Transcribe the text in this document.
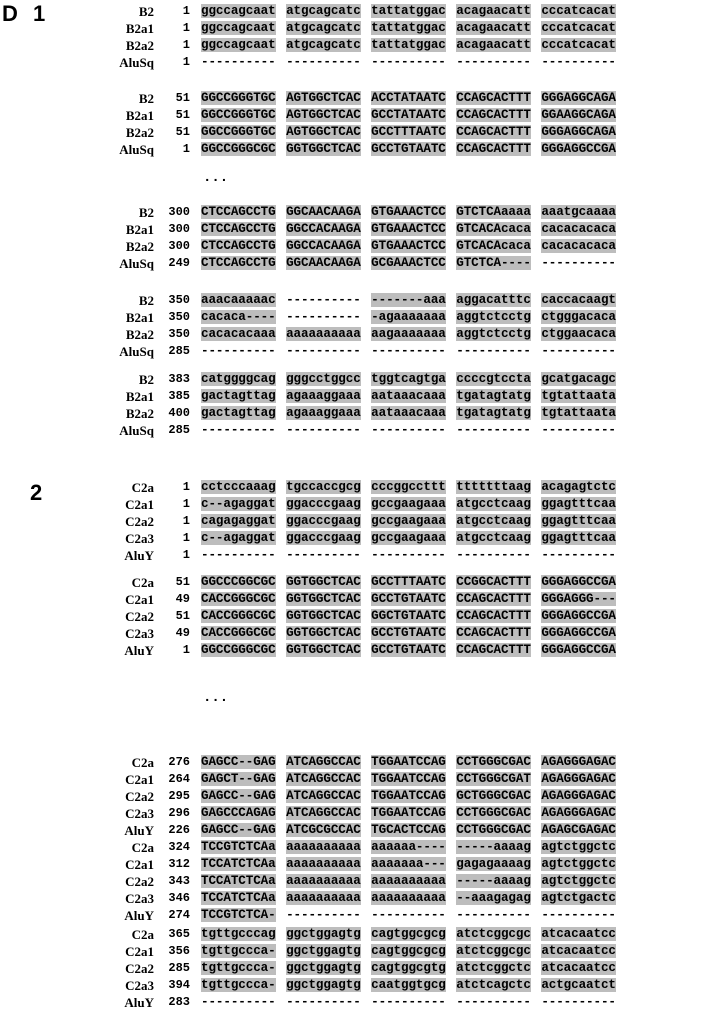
D 1
2
...
...
B2	1 ggccagcaat atgcagcatc tattatggac acagaacatt cccatcacat
B2a1	1 ggccagcaat atgcagcatc tattatggac acagaacatt cccatcacat
B2a2	1 ggccagcaat atgcagcatc tattatggac acagaacatt cccatcacat
AluSq	1 ---------- ---------- ---------- ---------- ----------
B2	51 GGCCGGGTGC AGTGGCTCAC ACCTATAATC CCAGCACTTT GGGAGGCAGA
B2a1	51 GGCCGGGTGC AGTGGCTCAC GCCTATAATC CCAGCACTTT GGAAGGCAGA
B2a2	51 GGCCGGGTGC AGTGGCTCAC GCCTTTAATC CCAGCACTTT GGGAGGCAGA
AluSq	1 GGCCGGGCGC GGTGGCTCAC GCCTGTAATC CCAGCACTTT GGGAGGCCGA
B2	300 CTCCAGCCTG GGCAACAAGA GTGAAACTCC GTCTCAaaaa aaatgcaaaa
B2a1	300 CTCCAGCCTG GGCCACAAGA GTGAAACTCC GTCACAcaca cacacacaca
B2a2	300 CTCCAGCCTG GGCCACAAGA GTGAAACTCC GTCACAcaca cacacacaca
AluSq	249 CTCCAGCCTG GGCAACAAGA GCGAAACTCC GTCTCA---- ----------
B2	350 aaacaaaaac ---------- -------aaa aggacatttc caccacaagt
B2a1	350 cacaca---- ---------- -agaaaaaaa aggtctcctg ctgggacaca
B2a2	350 cacacacaaa aaaaaaaaaa aagaaaaaaa aggtctcctg ctggaacaca
AluSq	285 ---------- ---------- ---------- ---------- ----------
B2	383 catggggcag gggcctggcc tggtcagtga ccccgtccta gcatgacagc
B2a1	385 gactagttag agaaaggaaa aataaacaaa tgatagtatg tgtattaata
B2a2	400 gactagttag agaaaggaaa aataaacaaa tgatagtatg tgtattaata
AluSq	285 ---------- ---------- ---------- ---------- ----------
C2a	1 cctcccaaag tgccaccgcg cccggccttt tttttttaag acagagtctc
C2a1	1 c--agaggat ggacccgaag gccgaagaaa atgcctcaag ggagtttcaa
C2a2	1 cagagaggat ggacccgaag gccgaagaaa atgcctcaag ggagtttcaa
C2a3	1 c--agaggat ggacccgaag gccgaagaaa atgcctcaag ggagtttcaa
AluY	1 ---------- ---------- ---------- ---------- ----------
C2a	51 GGCCCGGCGC GGTGGCTCAC GCCTTTAATC CCGGCACTTT GGGAGGCCGA
C2a1	49 CACCGGGCGC GGTGGCTCAC GCCTGTAATC CCAGCACTTT GGGAGGG---
C2a2	51 CACCGGGCGC GGTGGCTCAC GGCTGTAATC CCAGCACTTT GGGAGGCCGA
C2a3	49 CACCGGGCGC GGTGGCTCAC GCCTGTAATC CCAGCACTTT GGGAGGCCGA
AluY	1 GGCCGGGCGC GGTGGCTCAC GCCTGTAATC CCAGCACTTT GGGAGGCCGA
C2a	276 GAGCC--GAG ATCAGGCCAC TGGAATCCAG CCTGGGCGAC AGAGGGAGAC
C2a1	264 GAGCT--GAG ATCAGGCCAC TGGAATCCAG CCTGGGCGAT AGAGGGAGAC
C2a2	295 GAGCC--GAG ATCAGGCCAC TGGAATCCAG GCTGGGCGAC AGAGGGAGAC
C2a3	296 GAGCCCAGAG ATCAGGCCAC TGGAATCCAG CCTGGGCGAC AGAGGGAGAC
AluY	226 GAGCC--GAG ATCGCGCCAC TGCACTCCAG CCTGGGCGAC AGAGCGAGAC
C2a	324 TCCGTCTCAa aaaaaaaaaa aaaaaa---- -----aaaag agtctggctc
C2a1	312 TCCATCTCAa aaaaaaaaaa aaaaaaa--- gagagaaaag agtctggctc
C2a2	343 TCCATCTCAa aaaaaaaaaa aaaaaaaaaa -----aaaag agtctggctc
C2a3	346 TCCATCTCAa aaaaaaaaaa aaaaaaaaaa --aaagagag agtctgactc
AluY	274 TCCGTCTCA- ---------- ---------- ---------- ----------
C2a	365 tgttgcccag ggctggagtg cagtggcgcg atctcggcgc atcacaatcc
C2a1	356 tgttgccca- ggctggagtg cagtggcgcg atctcggcgc atcacaatcc
C2a2	285 tgttgccca- ggctggagtg cagtggcgtg atctcggctc atcacaatcc
C2a3	394 tgttgccca- ggctggagtg caatggtgcg atctcagctc actgcaatct
AluY	283 ---------- ---------- ---------- ---------- ----------
